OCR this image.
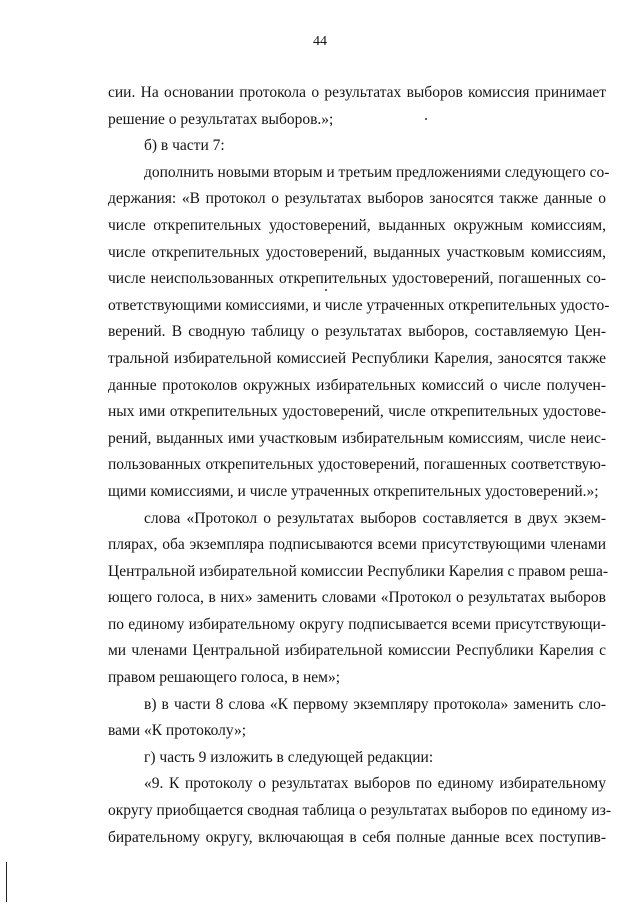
44
сии. На основании протокола о результатах выборов комиссия принимает
решение о результатах выборов.»;
б) в части 7:
дополнить новыми вторым и третьим предложениями следующего со-
держания: «В протокол о результатах выборов заносятся также данные о
числе открепительных удостоверений, выданных окружным комиссиям,
числе открепительных удостоверений, выданных участковым комиссиям,
числе неиспользованных открепительных удостоверений, погашенных со-
ответствующими комиссиями, и числе утраченных открепительных удосто-
верений. В сводную таблицу о результатах выборов, составляемую Цен-
тральной избирательной комиссией Республики Карелия, заносятся также
данные протоколов окружных избирательных комиссий о числе получен-
ных ими открепительных удостоверений, числе открепительных удостове-
рений, выданных ими участковым избирательным комиссиям, числе неис-
пользованных открепительных удостоверений, погашенных соответствую-
щими комиссиями, и числе утраченных открепительных удостоверений.»;
слова «Протокол о результатах выборов составляется в двух экзем-
плярах, оба экземпляра подписываются всеми присутствующими членами
Центральной избирательной комиссии Республики Карелия с правом реша-
ющего голоса, в них» заменить словами «Протокол о результатах выборов
по единому избирательному округу подписывается всеми присутствующи-
ми членами Центральной избирательной комиссии Республики Карелия с
правом решающего голоса, в нем»;
в) в части 8 слова «К первому экземпляру протокола» заменить сло-
вами «К протоколу»;
г) часть 9 изложить в следующей редакции:
«9. К протоколу о результатах выборов по единому избирательному
округу приобщается сводная таблица о результатах выборов по единому из-
бирательному округу, включающая в себя полные данные всех поступив-
